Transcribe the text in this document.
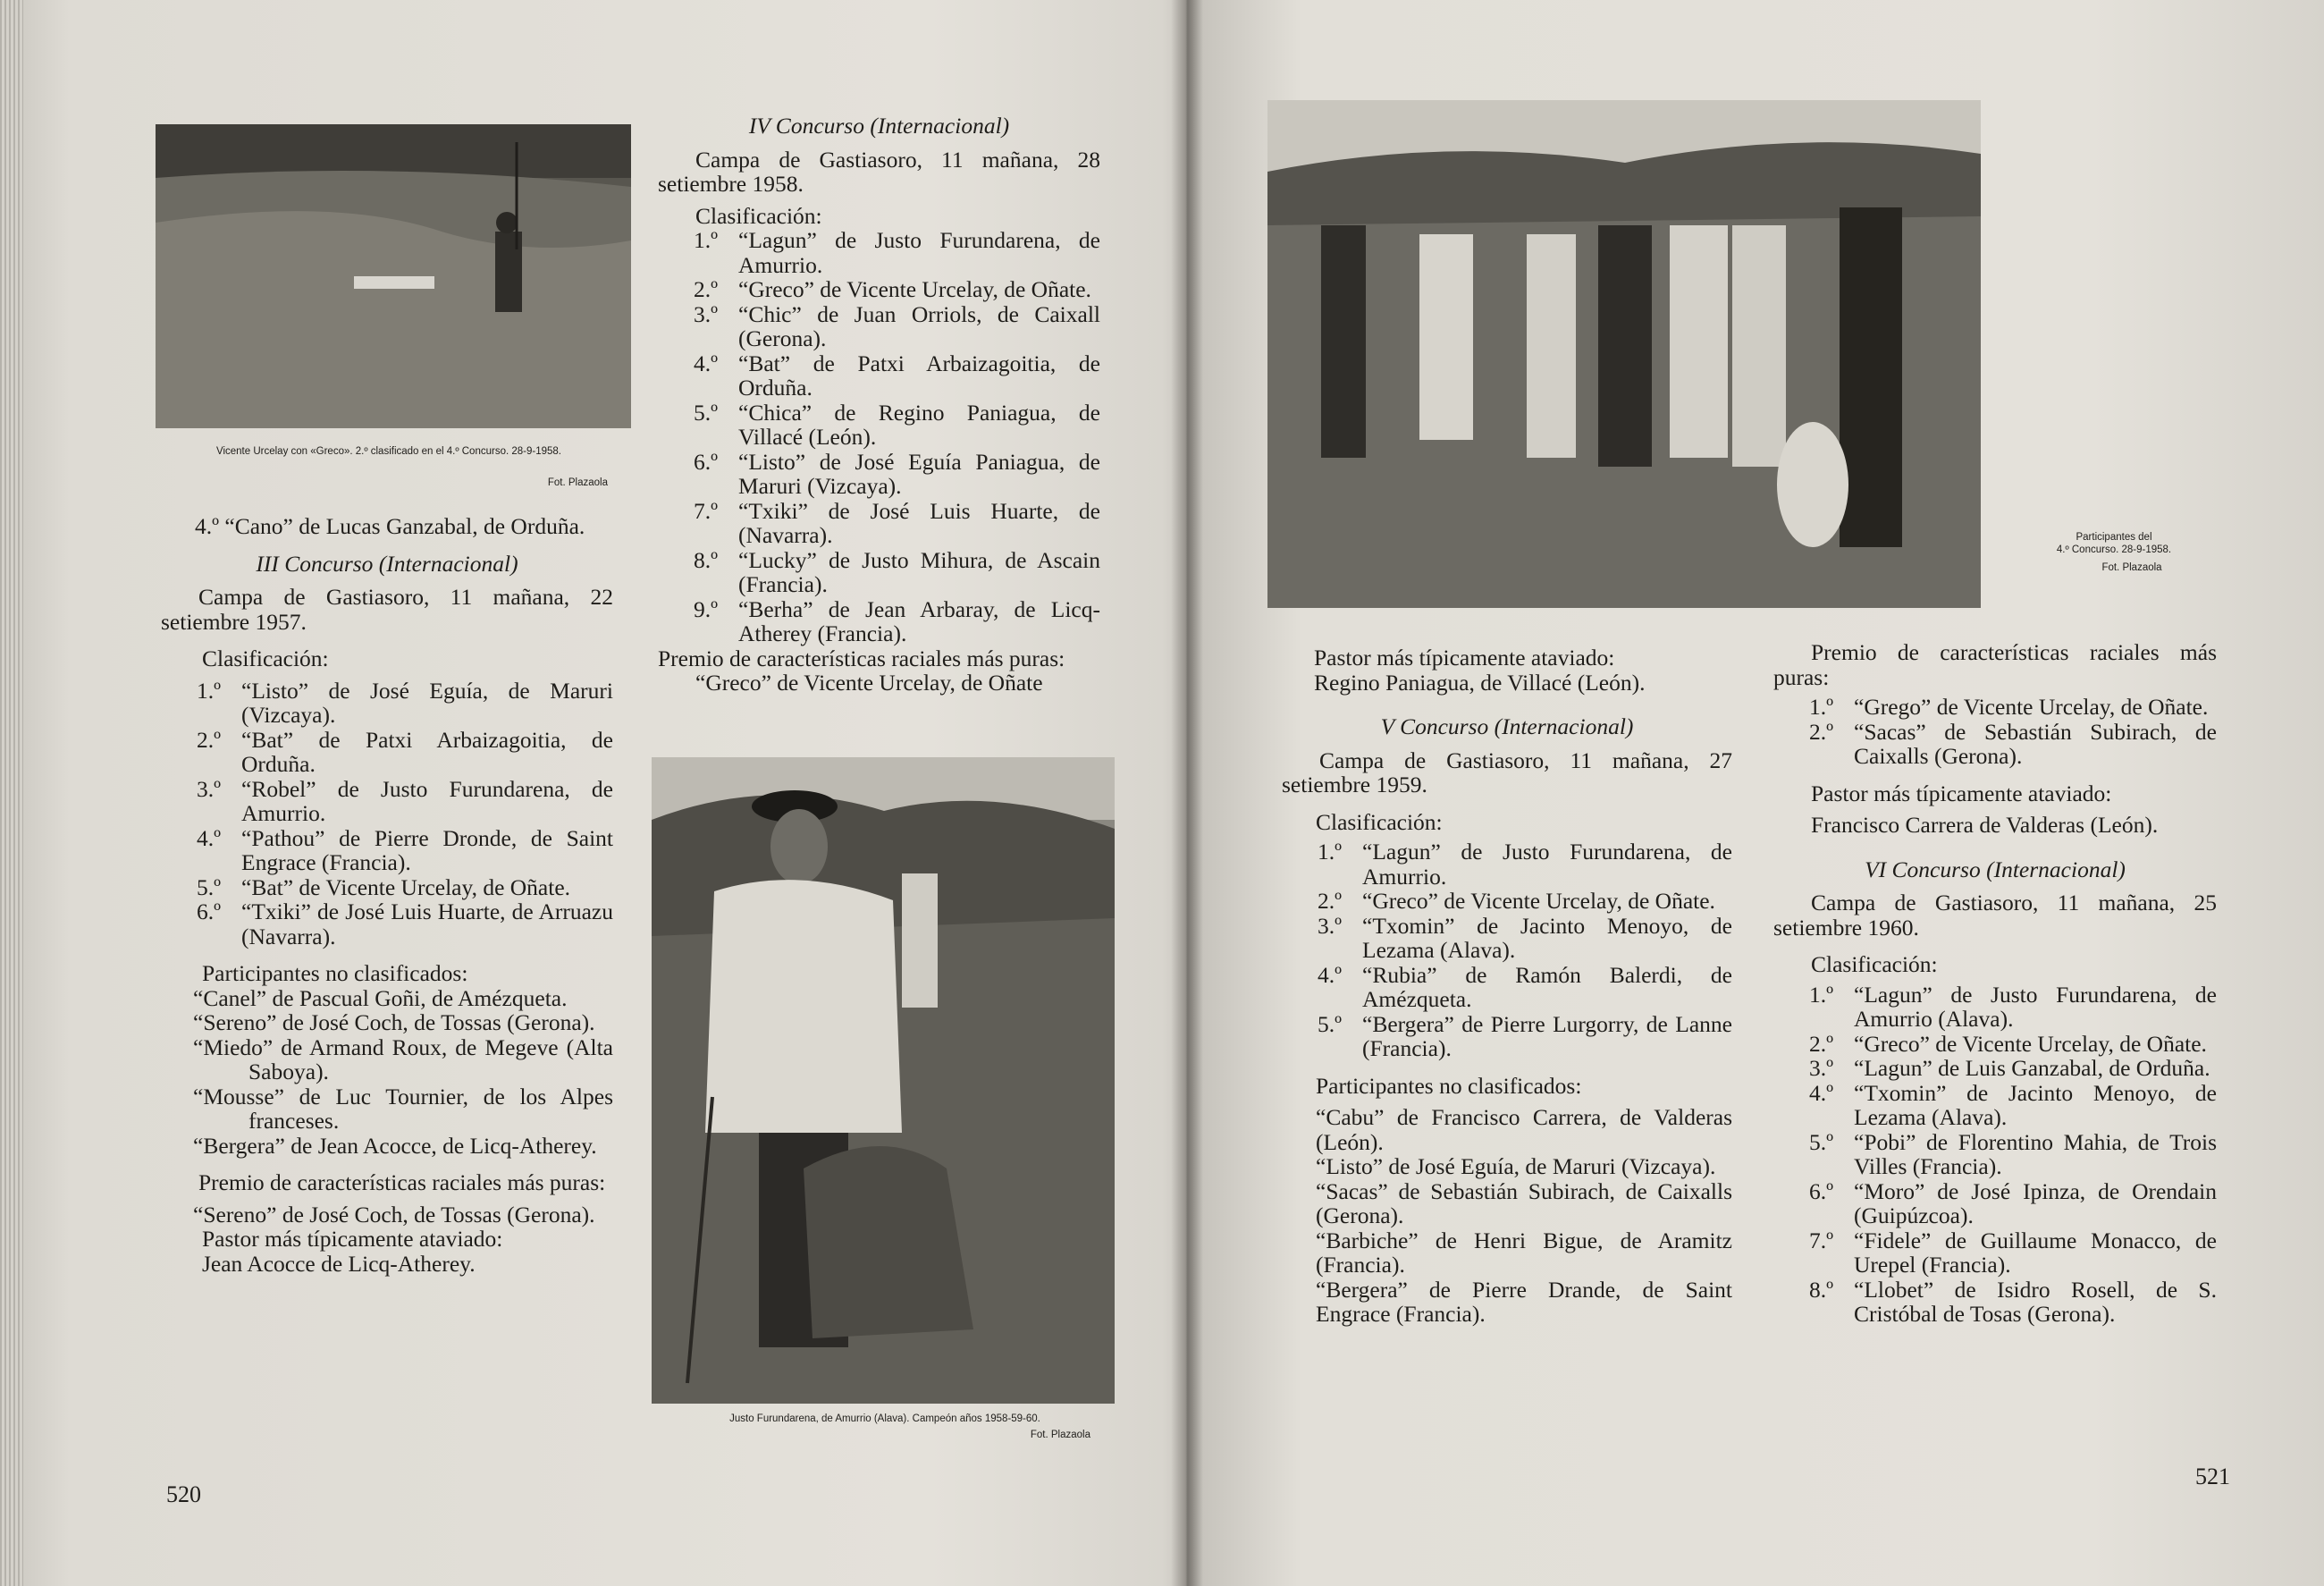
Vicente Urcelay con «Greco». 2.º clasificado en el 4.º Concurso. 28-9-1958.
Fot. Plazaola

4.º “Cano” de Lucas Ganzabal, de Orduña.

III Concurso (Internacional)

Campa de Gastiasoro, 11 mañana, 22 setiembre 1957.

Clasificación:

1.º “Listo” de José Eguía, de Maruri (Vizcaya).
2.º “Bat” de Patxi Arbaizagoitia, de Orduña.
3.º “Robel” de Justo Furundarena, de Amurrio.
4.º “Pathou” de Pierre Dronde, de Saint Engrace (Francia).
5.º “Bat” de Vicente Urcelay, de Oñate.
6.º “Txiki” de José Luis Huarte, de Arruazu (Navarra).

Participantes no clasificados:

“Canel” de Pascual Goñi, de Amézqueta.

“Sereno” de José Coch, de Tossas (Gerona).

“Miedo” de Armand Roux, de Megeve (Alta Saboya).

“Mousse” de Luc Tournier, de los Alpes franceses.

“Bergera” de Jean Acocce, de Licq-Atherey.

Premio de características raciales más puras:

“Sereno” de José Coch, de Tossas (Gerona).

Pastor más típicamente ataviado:

Jean Acocce de Licq-Atherey.

IV Concurso (Internacional)

Campa de Gastiasoro, 11 mañana, 28 setiembre 1958.

Clasificación:

1.º “Lagun” de Justo Furundarena, de Amurrio.
2.º “Greco” de Vicente Urcelay, de Oñate.
3.º “Chic” de Juan Orriols, de Caixall (Gerona).
4.º “Bat” de Patxi Arbaizagoitia, de Orduña.
5.º “Chica” de Regino Paniagua, de Villacé (León).
6.º “Listo” de José Eguía Paniagua, de Maruri (Vizcaya).
7.º “Txiki” de José Luis Huarte, de (Navarra).
8.º “Lucky” de Justo Mihura, de Ascain (Francia).
9.º “Berha” de Jean Arbaray, de Licq-Atherey (Francia).

Premio de características raciales más puras:

“Greco” de Vicente Urcelay, de Oñate

Justo Furundarena, de Amurrio (Alava). Campeón años 1958-59-60.
Fot. Plazaola
520
Participantes del
4.º Concurso. 28-9-1958.
Fot. Plazaola

Pastor más típicamente ataviado:

Regino Paniagua, de Villacé (León).

V Concurso (Internacional)

Campa de Gastiasoro, 11 mañana, 27 setiembre 1959.

Clasificación:

1.º “Lagun” de Justo Furundarena, de Amurrio.
2.º “Greco” de Vicente Urcelay, de Oñate.
3.º “Txomin” de Jacinto Menoyo, de Lezama (Alava).
4.º “Rubia” de Ramón Balerdi, de Amézqueta.
5.º “Bergera” de Pierre Lurgorry, de Lanne (Francia).

Participantes no clasificados:

“Cabu” de Francisco Carrera, de Valderas (León).

“Listo” de José Eguía, de Maruri (Vizcaya).

“Sacas” de Sebastián Subirach, de Caixalls (Gerona).

“Barbiche” de Henri Bigue, de Aramitz (Francia).

“Bergera” de Pierre Drande, de Saint Engrace (Francia).

Premio de características raciales más puras:

1.º “Grego” de Vicente Urcelay, de Oñate.
2.º “Sacas” de Sebastián Subirach, de Caixalls (Gerona).

Pastor más típicamente ataviado:

Francisco Carrera de Valderas (León).

VI Concurso (Internacional)

Campa de Gastiasoro, 11 mañana, 25 setiembre 1960.

Clasificación:

1.º “Lagun” de Justo Furundarena, de Amurrio (Alava).
2.º “Greco” de Vicente Urcelay, de Oñate.
3.º “Lagun” de Luis Ganzabal, de Orduña.
4.º “Txomin” de Jacinto Menoyo, de Lezama (Alava).
5.º “Pobi” de Florentino Mahia, de Trois Villes (Francia).
6.º “Moro” de José Ipinza, de Orendain (Guipúzcoa).
7.º “Fidele” de Guillaume Monacco, de Urepel (Francia).
8.º “Llobet” de Isidro Rosell, de S. Cristóbal de Tosas (Gerona).
521
